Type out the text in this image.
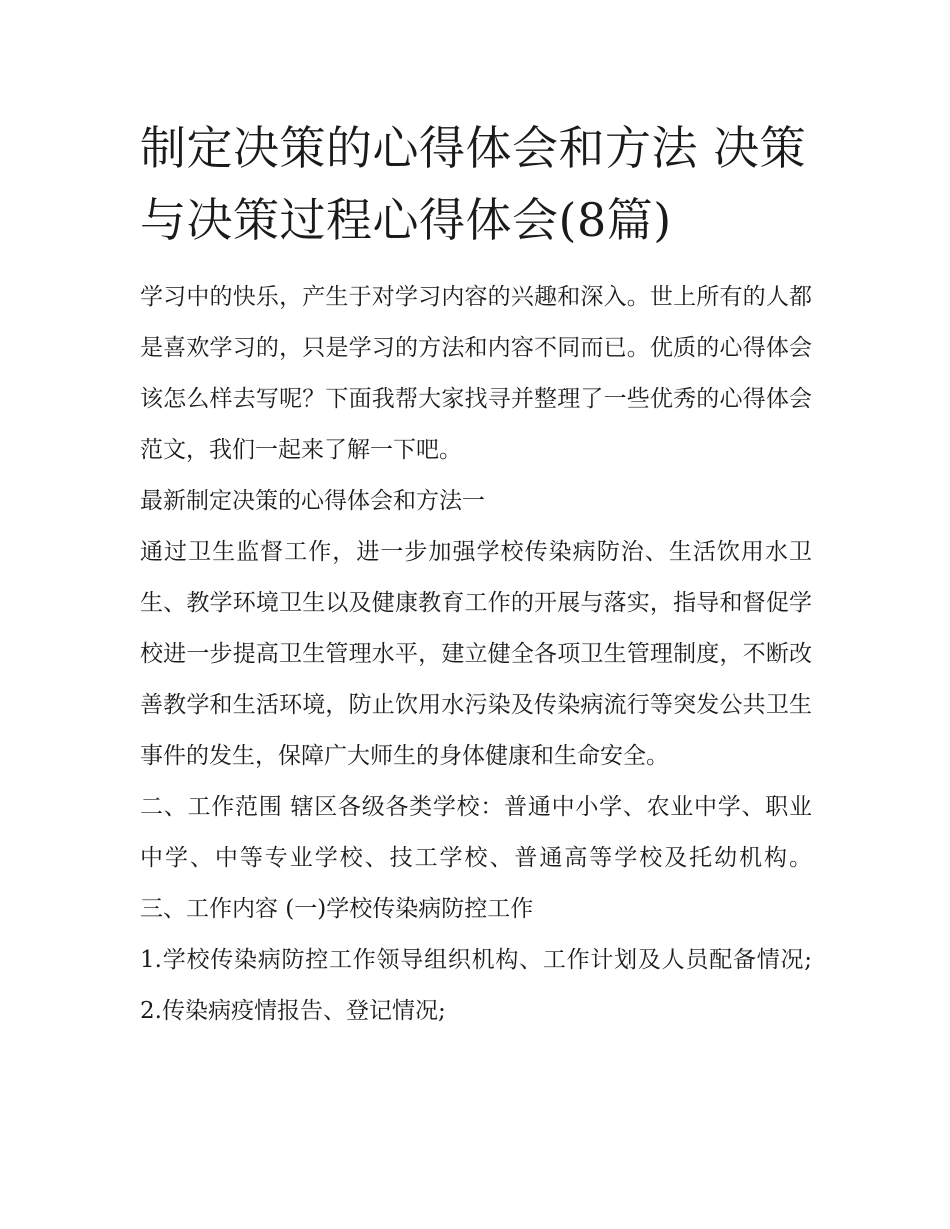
制定决策的心得体会和方法 决策与决策过程心得体会(8篇)

学习中的快乐，产生于对学习内容的兴趣和深入。世上所有的人都是喜欢学习的，只是学习的方法和内容不同而已。优质的心得体会该怎么样去写呢？下面我帮大家找寻并整理了一些优秀的心得体会范文，我们一起来了解一下吧。

最新制定决策的心得体会和方法一

通过卫生监督工作，进一步加强学校传染病防治、生活饮用水卫生、教学环境卫生以及健康教育工作的开展与落实，指导和督促学校进一步提高卫生管理水平，建立健全各项卫生管理制度，不断改善教学和生活环境，防止饮用水污染及传染病流行等突发公共卫生事件的发生，保障广大师生的身体健康和生命安全。

二、工作范围 辖区各级各类学校：普通中小学、农业中学、职业中学、中等专业学校、技工学校、普通高等学校及托幼机构。 三、工作内容 (一)学校传染病防控工作

1.学校传染病防控工作领导组织机构、工作计划及人员配备情况; 2.传染病疫情报告、登记情况;
